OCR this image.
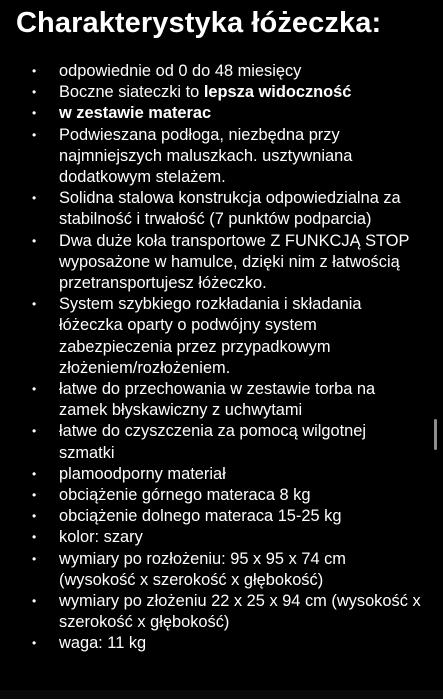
Charakterystyka łóżeczka:
• odpowiednie od 0 do 48 miesięcy
• Boczne siateczki to lepsza widoczność
• w zestawie materac
• Podwieszana podłoga, niezbędna przy najmniejszych maluszkach. usztywniana dodatkowym stelażem.
• Solidna stalowa konstrukcja odpowiedzialna za stabilność i trwałość (7 punktów podparcia)
• Dwa duże koła transportowe Z FUNKCJĄ STOP wyposażone w hamulce, dzięki nim z łatwością przetransportujesz łóżeczko.
• System szybkiego rozkładania i składania łóżeczka oparty o podwójny system zabezpieczenia przez przypadkowym złożeniem/rozłożeniem.
• łatwe do przechowania w zestawie torba na zamek błyskawiczny z uchwytami
• łatwe do czyszczenia za pomocą wilgotnej szmatki
• plamoodporny materiał
• obciążenie górnego materaca 8 kg
• obciążenie dolnego materaca 15-25 kg
• kolor: szary
• wymiary po rozłożeniu: 95 x 95 x 74 cm (wysokość x szerokość x głębokość)
• wymiary po złożeniu 22 x 25 x 94 cm (wysokość x szerokość x głębokość)
• waga: 11 kg
